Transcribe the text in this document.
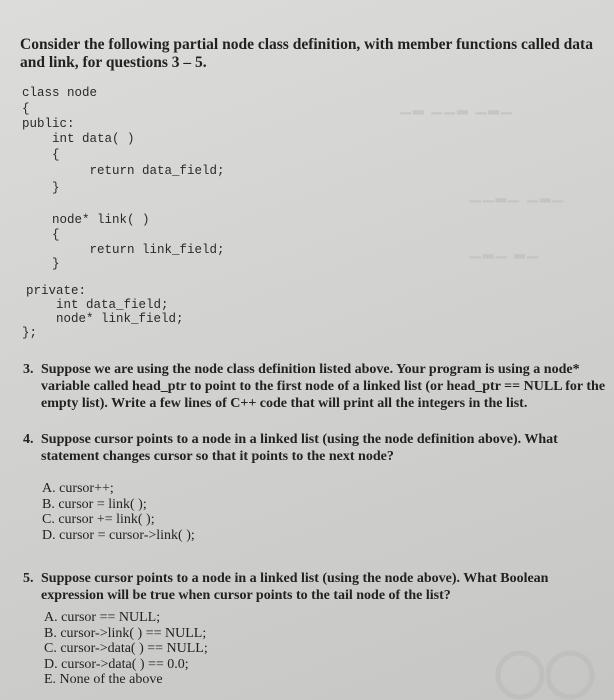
▁▂ ▁▁▂ ▁▂▁
▁▁▂▁ ▁▂▁
▁▂▁ ▂▁
Consider the following partial node class definition, with member functions called data and link, for questions 3 – 5.
class node
{
public:
int data( )
{
return data_field;
}
node* link( )
{
return link_field;
}
private:
int data_field;
node* link_field;
};
3. Suppose we are using the node class definition listed above. Your program is using a node* variable called head_ptr to point to the first node of a linked list (or head_ptr == NULL for the empty list). Write a few lines of C++ code that will print all the integers in the list.
4. Suppose cursor points to a node in a linked list (using the node definition above). What statement changes cursor so that it points to the next node?
A. cursor++;
B. cursor = link( );
C. cursor += link( );
D. cursor = cursor->link( );
5. Suppose cursor points to a node in a linked list (using the node above). What Boolean expression will be true when cursor points to the tail node of the list?
A. cursor == NULL;
B. cursor->link( ) == NULL;
C. cursor->data( ) == NULL;
D. cursor->data( ) == 0.0;
E. None of the above
